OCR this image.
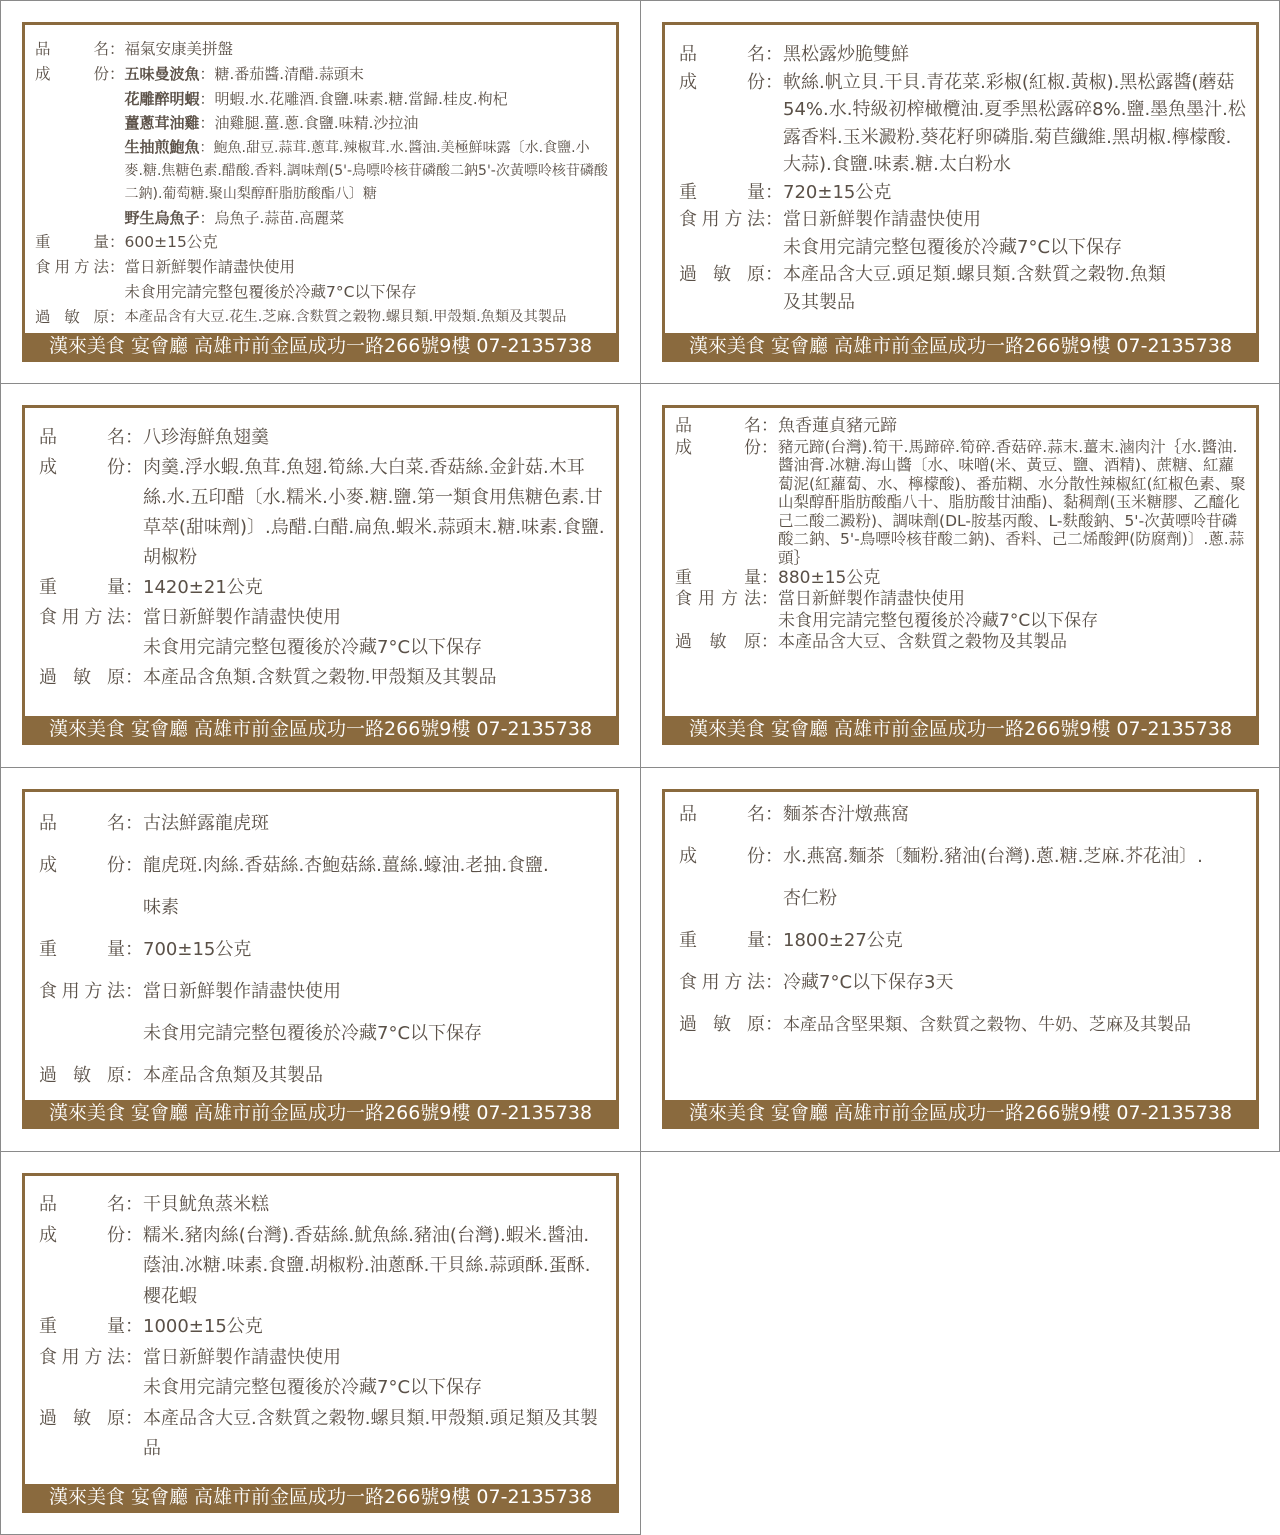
品	名 ： 福氣安康美拼盤
成	份 ： 五味曼波魚 ：糖.番茄醬.清醋.蒜頭末
花雕醉明蝦 ：明蝦.水.花雕酒.食鹽.味素.糖.當歸.桂皮.枸杞
薑蔥茸油雞 ：油雞腿.薑.蔥.食鹽.味精.沙拉油
生抽煎鮑魚：鮑魚.甜豆.蒜茸.蔥茸.辣椒茸.水.醬油.美極鮮味露〔水.食鹽.小麥.糖.焦糖色素.醋酸.香料.調味劑(5'-鳥嘌呤核苷磷酸二鈉5'-次黃嘌呤核苷磷酸二鈉).葡萄糖.聚山梨醇酐脂肪酸酯八〕糖
野生烏魚子 ：烏魚子.蒜苗.高麗菜
重	量 ： 600±15公克
食 用 方 法 ： 當日新鮮製作請盡快使用
未食用完請完整包覆後於冷藏7°C以下保存
過 敏 原 ： 本產品含有大豆.花生.芝麻.含麩質之穀物.螺貝類.甲殼類.魚類及其製品
漢來美食 宴會廳 高雄市前金區成功一路266號9樓 07-2135738
品	名 ： 黑松露炒脆雙鮮
成	份 ： 軟絲.帆立貝.干貝.青花菜.彩椒(紅椒.黃椒).黑松露醬(蘑菇54%.水.特級初榨橄欖油.夏季黑松露碎8%.鹽.墨魚墨汁.松露香料.玉米澱粉.葵花籽卵磷脂.菊苣纖維.黑胡椒.檸檬酸.大蒜).食鹽.味素.糖.太白粉水
重	量 ： 720±15公克
食 用 方 法 ： 當日新鮮製作請盡快使用
未食用完請完整包覆後於冷藏7°C以下保存
過 敏 原 ： 本產品含大豆.頭足類.螺貝類.含麩質之穀物.魚類及其製品
漢來美食 宴會廳 高雄市前金區成功一路266號9樓 07-2135738
品	名 ： 八珍海鮮魚翅羹
成	份 ： 肉羹.浮水蝦.魚茸.魚翅.筍絲.大白菜.香菇絲.金針菇.木耳絲.水.五印醋〔水.糯米.小麥.糖.鹽.第一類食用焦糖色素.甘草萃(甜味劑)〕.烏醋.白醋.扁魚.蝦米.蒜頭末.糖.味素.食鹽.胡椒粉
重	量 ： 1420±21公克
食 用 方 法 ： 當日新鮮製作請盡快使用
未食用完請完整包覆後於冷藏7°C以下保存
過 敏 原 ： 本產品含魚類.含麩質之穀物.甲殼類及其製品
漢來美食 宴會廳 高雄市前金區成功一路266號9樓 07-2135738
品	名 ： 魚香蓮貞豬元蹄
成	份 ： 豬元蹄(台灣).筍干.馬蹄碎.筍碎.香菇碎.蒜末.薑末.滷肉汁｛水.醬油.醬油膏.冰糖.海山醬〔水、味噌(米、黃豆、鹽、酒精)、蔗糖、紅蘿蔔泥(紅蘿蔔、水、檸檬酸)、番茄糊、水分散性辣椒紅(紅椒色素、聚山梨醇酐脂肪酸酯八十、脂肪酸甘油酯)、黏稠劑(玉米糖膠、乙醯化己二酸二澱粉)、調味劑(DL-胺基丙酸、L-麩酸鈉、5'-次黃嘌呤苷磷酸二鈉、5'-鳥嘌呤核苷酸二鈉)、香料、己二烯酸鉀(防腐劑)〕.蔥.蒜頭｝
重	量 ： 880±15公克
食 用 方 法 ： 當日新鮮製作請盡快使用
未食用完請完整包覆後於冷藏7°C以下保存
過 敏 原 ： 本產品含大豆、含麩質之穀物及其製品
漢來美食 宴會廳 高雄市前金區成功一路266號9樓 07-2135738
品	名 ： 古法鮮露龍虎斑
成	份 ： 龍虎斑.肉絲.香菇絲.杏鮑菇絲.薑絲.蠔油.老抽.食鹽.味素
重	量 ： 700±15公克
食 用 方 法 ： 當日新鮮製作請盡快使用
未食用完請完整包覆後於冷藏7°C以下保存
過 敏 原 ： 本產品含魚類及其製品
漢來美食 宴會廳 高雄市前金區成功一路266號9樓 07-2135738
品	名 ： 麵茶杏汁燉燕窩
成	份 ： 水.燕窩.麵茶〔麵粉.豬油(台灣).蔥.糖.芝麻.芥花油〕.杏仁粉
重	量 ： 1800±27公克
食 用 方 法 ： 冷藏7°C以下保存3天
過 敏 原 ： 本產品含堅果類、含麩質之穀物、牛奶、芝麻及其製品
漢來美食 宴會廳 高雄市前金區成功一路266號9樓 07-2135738
品	名 ： 干貝魷魚蒸米糕
成	份 ： 糯米.豬肉絲(台灣).香菇絲.魷魚絲.豬油(台灣).蝦米.醬油.蔭油.冰糖.味素.食鹽.胡椒粉.油蔥酥.干貝絲.蒜頭酥.蛋酥.櫻花蝦
重	量 ： 1000±15公克
食 用 方 法 ： 當日新鮮製作請盡快使用
未食用完請完整包覆後於冷藏7°C以下保存
過 敏 原 ： 本產品含大豆.含麩質之穀物.螺貝類.甲殼類.頭足類及其製品
漢來美食 宴會廳 高雄市前金區成功一路266號9樓 07-2135738
